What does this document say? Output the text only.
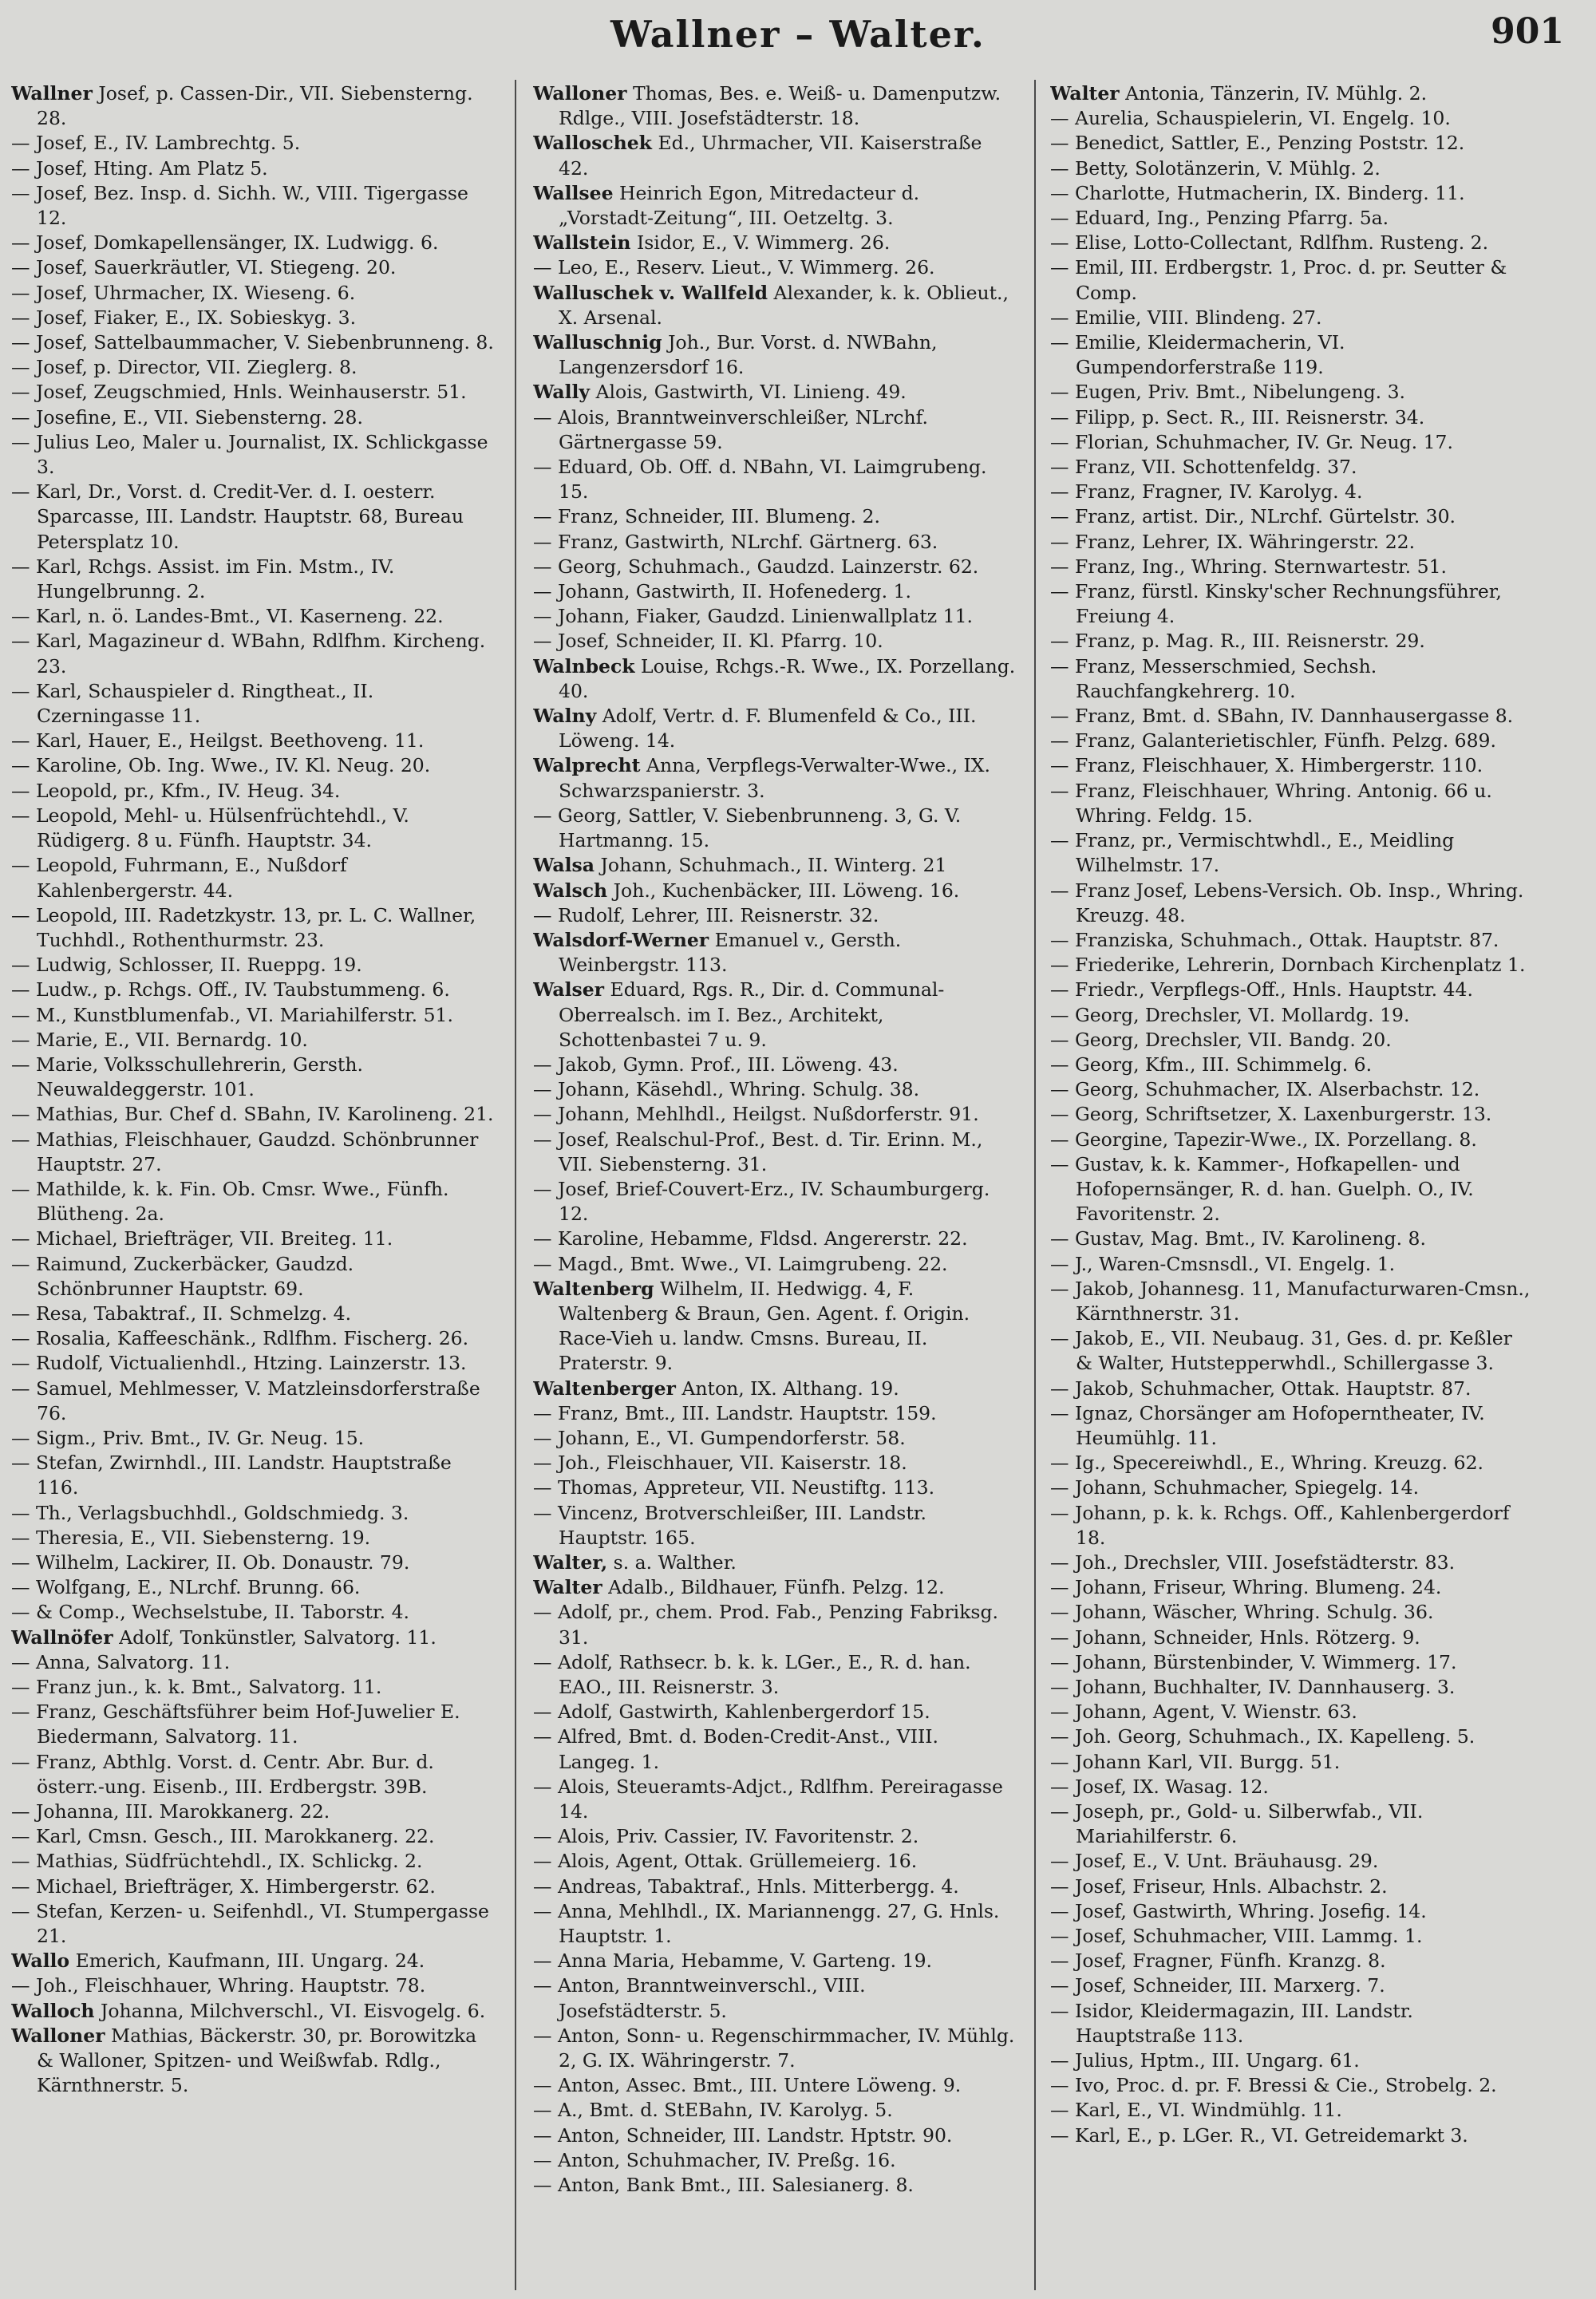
Wallner – Walter.	901
Wallner Josef, p. Cassen-Dir., VII. Siebensterng. 28.
— Josef, E., IV. Lambrechtg. 5.
— Josef, Hting. Am Platz 5.
— Josef, Bez. Insp. d. Sichh. W., VIII. Tigergasse 12.
— Josef, Domkapellensänger, IX. Ludwigg. 6.
— Josef, Sauerkräutler, VI. Stiegeng. 20.
— Josef, Uhrmacher, IX. Wieseng. 6.
— Josef, Fiaker, E., IX. Sobieskyg. 3.
— Josef, Sattelbaummacher, V. Siebenbrunneng. 8.
— Josef, p. Director, VII. Zieglerg. 8.
— Josef, Zeugschmied, Hnls. Weinhauserstr. 51.
— Josefine, E., VII. Siebensterng. 28.
— Julius Leo, Maler u. Journalist, IX. Schlickgasse 3.
— Karl, Dr., Vorst. d. Credit-Ver. d. I. oesterr. Sparcasse, III. Landstr. Hauptstr. 68, Bureau Petersplatz 10.
— Karl, Rchgs. Assist. im Fin. Mstm., IV. Hungelbrunng. 2.
— Karl, n. ö. Landes-Bmt., VI. Kaserneng. 22.
— Karl, Magazineur d. WBahn, Rdlfhm. Kircheng. 23.
— Karl, Schauspieler d. Ringtheat., II. Czerningasse 11.
— Karl, Hauer, E., Heilgst. Beethoveng. 11.
— Karoline, Ob. Ing. Wwe., IV. Kl. Neug. 20.
— Leopold, pr., Kfm., IV. Heug. 34.
— Leopold, Mehl- u. Hülsenfrüchtehdl., V. Rüdigerg. 8 u. Fünfh. Hauptstr. 34.
— Leopold, Fuhrmann, E., Nußdorf Kahlenbergerstr. 44.
— Leopold, III. Radetzkystr. 13, pr. L. C. Wallner, Tuchhdl., Rothenthurmstr. 23.
— Ludwig, Schlosser, II. Rueppg. 19.
— Ludw., p. Rchgs. Off., IV. Taubstummeng. 6.
— M., Kunstblumenfab., VI. Mariahilferstr. 51.
— Marie, E., VII. Bernardg. 10.
— Marie, Volksschullehrerin, Gersth. Neuwaldeggerstr. 101.
— Mathias, Bur. Chef d. SBahn, IV. Karolineng. 21.
— Mathias, Fleischhauer, Gaudzd. Schönbrunner Hauptstr. 27.
— Mathilde, k. k. Fin. Ob. Cmsr. Wwe., Fünfh. Blütheng. 2a.
— Michael, Briefträger, VII. Breiteg. 11.
— Raimund, Zuckerbäcker, Gaudzd. Schönbrunner Hauptstr. 69.
— Resa, Tabaktraf., II. Schmelzg. 4.
— Rosalia, Kaffeeschänk., Rdlfhm. Fischerg. 26.
— Rudolf, Victualienhdl., Htzing. Lainzerstr. 13.
— Samuel, Mehlmesser, V. Matzleinsdorferstraße 76.
— Sigm., Priv. Bmt., IV. Gr. Neug. 15.
— Stefan, Zwirnhdl., III. Landstr. Hauptstraße 116.
— Th., Verlagsbuchhdl., Goldschmiedg. 3.
— Theresia, E., VII. Siebensterng. 19.
— Wilhelm, Lackirer, II. Ob. Donaustr. 79.
— Wolfgang, E., NLrchf. Brunng. 66.
— & Comp., Wechselstube, II. Taborstr. 4.
Wallnöfer Adolf, Tonkünstler, Salvatorg. 11.
— Anna, Salvatorg. 11.
— Franz jun., k. k. Bmt., Salvatorg. 11.
— Franz, Geschäftsführer beim Hof-Juwelier E. Biedermann, Salvatorg. 11.
— Franz, Abthlg. Vorst. d. Centr. Abr. Bur. d. österr.-ung. Eisenb., III. Erdbergstr. 39B.
— Johanna, III. Marokkanerg. 22.
— Karl, Cmsn. Gesch., III. Marokkanerg. 22.
— Mathias, Südfrüchtehdl., IX. Schlickg. 2.
— Michael, Briefträger, X. Himbergerstr. 62.
— Stefan, Kerzen- u. Seifenhdl., VI. Stumpergasse 21.
Wallo Emerich, Kaufmann, III. Ungarg. 24.
— Joh., Fleischhauer, Whring. Hauptstr. 78.
Walloch Johanna, Milchverschl., VI. Eisvogelg. 6.
Walloner Mathias, Bäckerstr. 30, pr. Borowitzka & Walloner, Spitzen- und Weißwfab. Rdlg., Kärnthnerstr. 5.
Walloner Thomas, Bes. e. Weiß- u. Damenputzw. Rdlge., VIII. Josefstädterstr. 18.
Walloschek Ed., Uhrmacher, VII. Kaiserstraße 42.
Wallsee Heinrich Egon, Mitredacteur d. „Vorstadt-Zeitung“, III. Oetzeltg. 3.
Wallstein Isidor, E., V. Wimmerg. 26.
— Leo, E., Reserv. Lieut., V. Wimmerg. 26.
Walluschek v. Wallfeld Alexander, k. k. Oblieut., X. Arsenal.
Walluschnig Joh., Bur. Vorst. d. NWBahn, Langenzersdorf 16.
Wally Alois, Gastwirth, VI. Linieng. 49.
— Alois, Branntweinverschleißer, NLrchf. Gärtnergasse 59.
— Eduard, Ob. Off. d. NBahn, VI. Laimgrubeng. 15.
— Franz, Schneider, III. Blumeng. 2.
— Franz, Gastwirth, NLrchf. Gärtnerg. 63.
— Georg, Schuhmach., Gaudzd. Lainzerstr. 62.
— Johann, Gastwirth, II. Hofenederg. 1.
— Johann, Fiaker, Gaudzd. Linienwallplatz 11.
— Josef, Schneider, II. Kl. Pfarrg. 10.
Walnbeck Louise, Rchgs.-R. Wwe., IX. Porzellang. 40.
Walny Adolf, Vertr. d. F. Blumenfeld & Co., III. Löweng. 14.
Walprecht Anna, Verpflegs-Verwalter-Wwe., IX. Schwarzspanierstr. 3.
— Georg, Sattler, V. Siebenbrunneng. 3, G. V. Hartmanng. 15.
Walsa Johann, Schuhmach., II. Winterg. 21
Walsch Joh., Kuchenbäcker, III. Löweng. 16.
— Rudolf, Lehrer, III. Reisnerstr. 32.
Walsdorf-Werner Emanuel v., Gersth. Weinbergstr. 113.
Walser Eduard, Rgs. R., Dir. d. Communal-Oberrealsch. im I. Bez., Architekt, Schottenbastei 7 u. 9.
— Jakob, Gymn. Prof., III. Löweng. 43.
— Johann, Käsehdl., Whring. Schulg. 38.
— Johann, Mehlhdl., Heilgst. Nußdorferstr. 91.
— Josef, Realschul-Prof., Best. d. Tir. Erinn. M., VII. Siebensterng. 31.
— Josef, Brief-Couvert-Erz., IV. Schaumburgerg. 12.
— Karoline, Hebamme, Fldsd. Angererstr. 22.
— Magd., Bmt. Wwe., VI. Laimgrubeng. 22.
Waltenberg Wilhelm, II. Hedwigg. 4, F. Waltenberg & Braun, Gen. Agent. f. Origin. Race-Vieh u. landw. Cmsns. Bureau, II. Praterstr. 9.
Waltenberger Anton, IX. Althang. 19.
— Franz, Bmt., III. Landstr. Hauptstr. 159.
— Johann, E., VI. Gumpendorferstr. 58.
— Joh., Fleischhauer, VII. Kaiserstr. 18.
— Thomas, Appreteur, VII. Neustiftg. 113.
— Vincenz, Brotverschleißer, III. Landstr. Hauptstr. 165.
Walter, s. a. Walther.
Walter Adalb., Bildhauer, Fünfh. Pelzg. 12.
— Adolf, pr., chem. Prod. Fab., Penzing Fabriksg. 31.
— Adolf, Rathsecr. b. k. k. LGer., E., R. d. han. EAO., III. Reisnerstr. 3.
— Adolf, Gastwirth, Kahlenbergerdorf 15.
— Alfred, Bmt. d. Boden-Credit-Anst., VIII. Langeg. 1.
— Alois, Steueramts-Adjct., Rdlfhm. Pereiragasse 14.
— Alois, Priv. Cassier, IV. Favoritenstr. 2.
— Alois, Agent, Ottak. Grüllemeierg. 16.
— Andreas, Tabaktraf., Hnls. Mitterbergg. 4.
— Anna, Mehlhdl., IX. Mariannengg. 27, G. Hnls. Hauptstr. 1.
— Anna Maria, Hebamme, V. Garteng. 19.
— Anton, Branntweinverschl., VIII. Josefstädterstr. 5.
— Anton, Sonn- u. Regenschirmmacher, IV. Mühlg. 2, G. IX. Währingerstr. 7.
— Anton, Assec. Bmt., III. Untere Löweng. 9.
— A., Bmt. d. StEBahn, IV. Karolyg. 5.
— Anton, Schneider, III. Landstr. Hptstr. 90.
— Anton, Schuhmacher, IV. Preßg. 16.
— Anton, Bank Bmt., III. Salesianerg. 8.
Walter Antonia, Tänzerin, IV. Mühlg. 2.
— Aurelia, Schauspielerin, VI. Engelg. 10.
— Benedict, Sattler, E., Penzing Poststr. 12.
— Betty, Solotänzerin, V. Mühlg. 2.
— Charlotte, Hutmacherin, IX. Binderg. 11.
— Eduard, Ing., Penzing Pfarrg. 5a.
— Elise, Lotto-Collectant, Rdlfhm. Rusteng. 2.
— Emil, III. Erdbergstr. 1, Proc. d. pr. Seutter & Comp.
— Emilie, VIII. Blindeng. 27.
— Emilie, Kleidermacherin, VI. Gumpendorferstraße 119.
— Eugen, Priv. Bmt., Nibelungeng. 3.
— Filipp, p. Sect. R., III. Reisnerstr. 34.
— Florian, Schuhmacher, IV. Gr. Neug. 17.
— Franz, VII. Schottenfeldg. 37.
— Franz, Fragner, IV. Karolyg. 4.
— Franz, artist. Dir., NLrchf. Gürtelstr. 30.
— Franz, Lehrer, IX. Währingerstr. 22.
— Franz, Ing., Whring. Sternwartestr. 51.
— Franz, fürstl. Kinsky'scher Rechnungsführer, Freiung 4.
— Franz, p. Mag. R., III. Reisnerstr. 29.
— Franz, Messerschmied, Sechsh. Rauchfangkehrerg. 10.
— Franz, Bmt. d. SBahn, IV. Dannhausergasse 8.
— Franz, Galanterietischler, Fünfh. Pelzg. 689.
— Franz, Fleischhauer, X. Himbergerstr. 110.
— Franz, Fleischhauer, Whring. Antonig. 66 u. Whring. Feldg. 15.
— Franz, pr., Vermischtwhdl., E., Meidling Wilhelmstr. 17.
— Franz Josef, Lebens-Versich. Ob. Insp., Whring. Kreuzg. 48.
— Franziska, Schuhmach., Ottak. Hauptstr. 87.
— Friederike, Lehrerin, Dornbach Kirchenplatz 1.
— Friedr., Verpflegs-Off., Hnls. Hauptstr. 44.
— Georg, Drechsler, VI. Mollardg. 19.
— Georg, Drechsler, VII. Bandg. 20.
— Georg, Kfm., III. Schimmelg. 6.
— Georg, Schuhmacher, IX. Alserbachstr. 12.
— Georg, Schriftsetzer, X. Laxenburgerstr. 13.
— Georgine, Tapezir-Wwe., IX. Porzellang. 8.
— Gustav, k. k. Kammer-, Hofkapellen- und Hofopernsänger, R. d. han. Guelph. O., IV. Favoritenstr. 2.
— Gustav, Mag. Bmt., IV. Karolineng. 8.
— J., Waren-Cmsnsdl., VI. Engelg. 1.
— Jakob, Johannesg. 11, Manufacturwaren-Cmsn., Kärnthnerstr. 31.
— Jakob, E., VII. Neubaug. 31, Ges. d. pr. Keßler & Walter, Hutstepperwhdl., Schillergasse 3.
— Jakob, Schuhmacher, Ottak. Hauptstr. 87.
— Ignaz, Chorsänger am Hofoperntheater, IV. Heumühlg. 11.
— Ig., Specereiwhdl., E., Whring. Kreuzg. 62.
— Johann, Schuhmacher, Spiegelg. 14.
— Johann, p. k. k. Rchgs. Off., Kahlenbergerdorf 18.
— Joh., Drechsler, VIII. Josefstädterstr. 83.
— Johann, Friseur, Whring. Blumeng. 24.
— Johann, Wäscher, Whring. Schulg. 36.
— Johann, Schneider, Hnls. Rötzerg. 9.
— Johann, Bürstenbinder, V. Wimmerg. 17.
— Johann, Buchhalter, IV. Dannhauserg. 3.
— Johann, Agent, V. Wienstr. 63.
— Joh. Georg, Schuhmach., IX. Kapelleng. 5.
— Johann Karl, VII. Burgg. 51.
— Josef, IX. Wasag. 12.
— Joseph, pr., Gold- u. Silberwfab., VII. Mariahilferstr. 6.
— Josef, E., V. Unt. Bräuhausg. 29.
— Josef, Friseur, Hnls. Albachstr. 2.
— Josef, Gastwirth, Whring. Josefig. 14.
— Josef, Schuhmacher, VIII. Lammg. 1.
— Josef, Fragner, Fünfh. Kranzg. 8.
— Josef, Schneider, III. Marxerg. 7.
— Isidor, Kleidermagazin, III. Landstr. Hauptstraße 113.
— Julius, Hptm., III. Ungarg. 61.
— Ivo, Proc. d. pr. F. Bressi & Cie., Strobelg. 2.
— Karl, E., VI. Windmühlg. 11.
— Karl, E., p. LGer. R., VI. Getreidemarkt 3.
